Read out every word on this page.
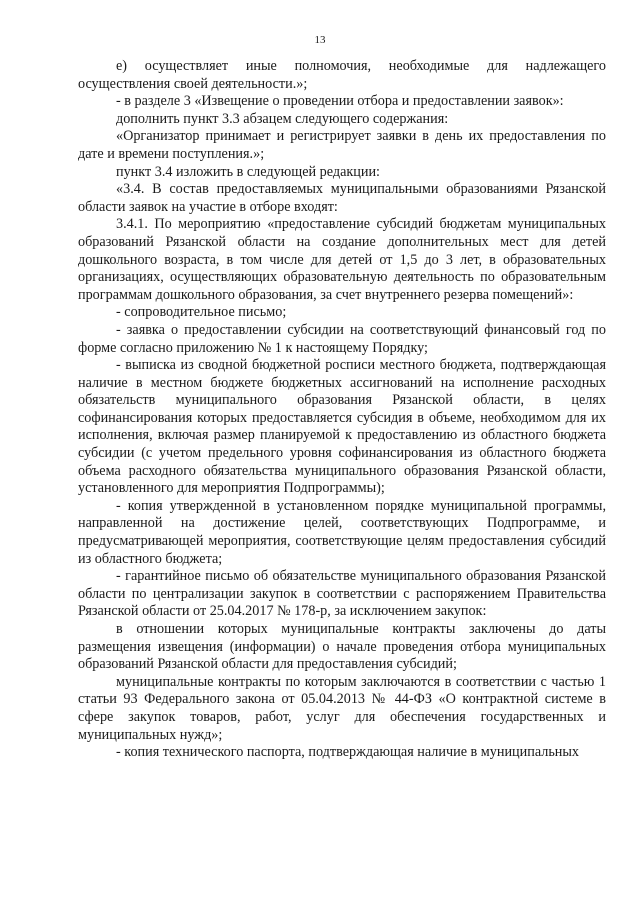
13

е) осуществляет иные полномочия, необходимые для надлежащего осуществления своей деятельности.»;

- в разделе 3 «Извещение о проведении отбора и предоставлении заявок»:

дополнить пункт 3.3 абзацем следующего содержания:

«Организатор принимает и регистрирует заявки в день их предоставления по дате и времени поступления.»;

пункт 3.4 изложить в следующей редакции:

«3.4. В состав предоставляемых муниципальными образованиями Рязанской области заявок на участие в отборе входят:

3.4.1. По мероприятию «предоставление субсидий бюджетам муниципальных образований Рязанской области на создание дополнительных мест для детей дошкольного возраста, в том числе для детей от 1,5 до 3 лет, в образовательных организациях, осуществляющих образовательную деятельность по образовательным программам дошкольного образования, за счет внутреннего резерва помещений»:

- сопроводительное письмо;

- заявка о предоставлении субсидии на соответствующий финансовый год по форме согласно приложению № 1 к настоящему Порядку;

- выписка из сводной бюджетной росписи местного бюджета, подтверждающая наличие в местном бюджете бюджетных ассигнований на исполнение расходных обязательств муниципального образования Рязанской области, в целях софинансирования которых предоставляется субсидия в объеме, необходимом для их исполнения, включая размер планируемой к предоставлению из областного бюджета субсидии (с учетом предельного уровня софинансирования из областного бюджета объема расходного обязательства муниципального образования Рязанской области, установленного для мероприятия Подпрограммы);

- копия утвержденной в установленном порядке муниципальной программы, направленной на достижение целей, соответствующих Подпрограмме, и предусматривающей мероприятия, соответствующие целям предоставления субсидий из областного бюджета;

- гарантийное письмо об обязательстве муниципального образования Рязанской области по централизации закупок в соответствии с распоряжением Правительства Рязанской области от 25.04.2017 № 178-р, за исключением закупок:

в отношении которых муниципальные контракты заключены до даты размещения извещения (информации) о начале проведения отбора муниципальных образований Рязанской области для предоставления субсидий;

муниципальные контракты по которым заключаются в соответствии с частью 1 статьи 93 Федерального закона от 05.04.2013 № 44-ФЗ «О контрактной системе в сфере закупок товаров, работ, услуг для обеспечения государственных и муниципальных нужд»;

- копия технического паспорта, подтверждающая наличие в муниципальных
